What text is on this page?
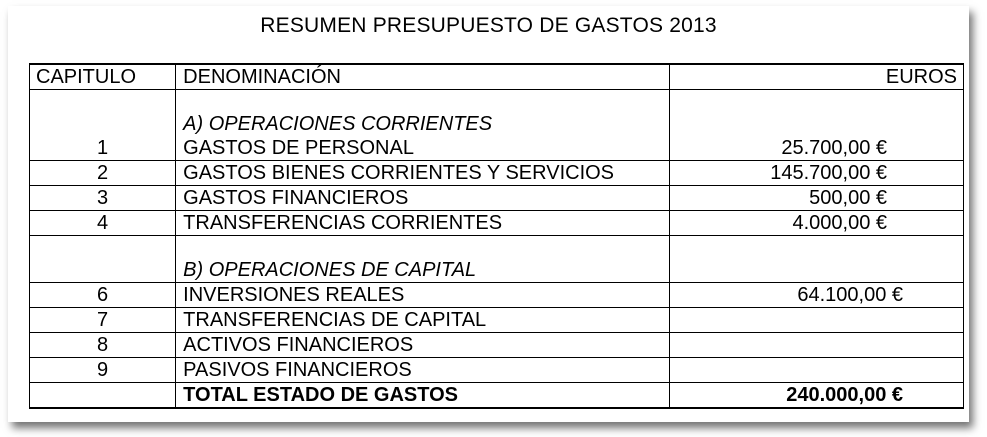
RESUMEN PRESUPUESTO DE GASTOS 2013
CAPITULO	DENOMINACIÓN	EUROS
	A) OPERACIONES CORRIENTES	
1	GASTOS DE PERSONAL	25.700,00 €
2	GASTOS BIENES CORRIENTES Y SERVICIOS	145.700,00 €
3	GASTOS FINANCIEROS	500,00 €
4	TRANSFERENCIAS CORRIENTES	4.000,00 €
	B) OPERACIONES DE CAPITAL	
6	INVERSIONES REALES	64.100,00 €
7	TRANSFERENCIAS DE CAPITAL	
8	ACTIVOS FINANCIEROS	
9	PASIVOS FINANCIEROS	
	TOTAL ESTADO DE GASTOS	240.000,00 €
